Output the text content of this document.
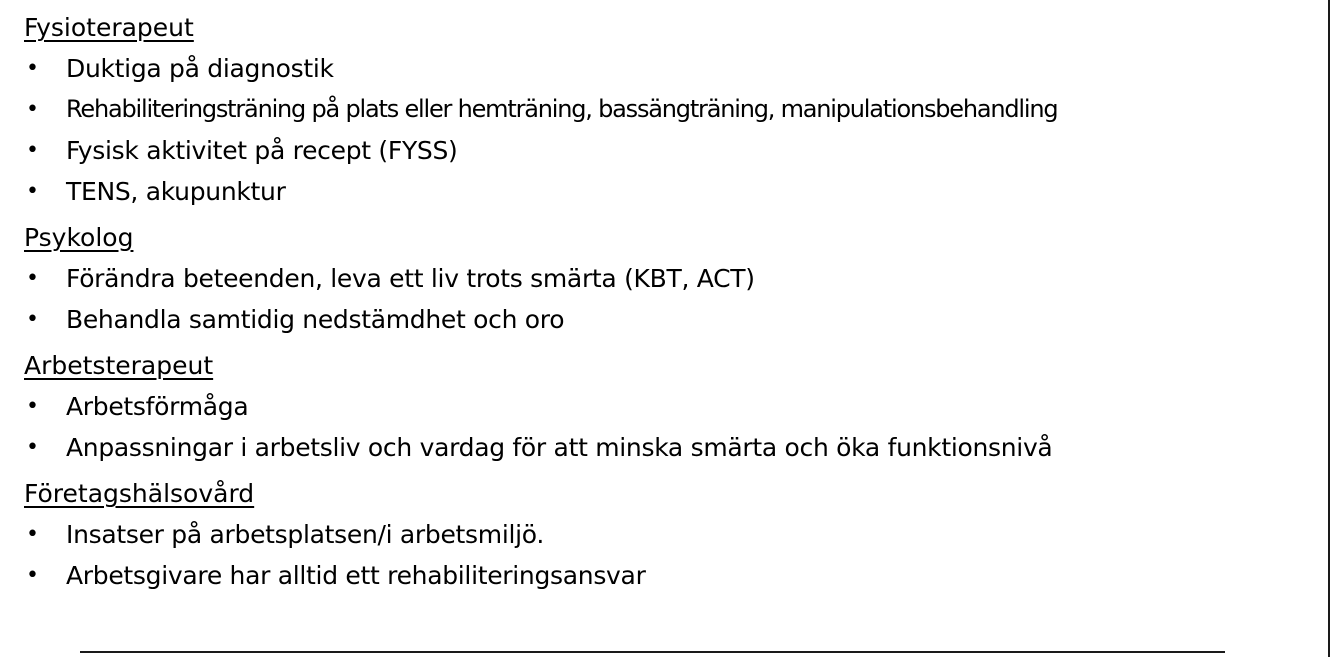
Fysioterapeut
• Duktiga på diagnostik
•	Rehabiliteringsträning på plats eller hemträning, bassängträning, manipulationsbehandling
• Fysisk aktivitet på recept (FYSS)
• TENS, akupunktur
Psykolog
• Förändra beteenden, leva ett liv trots smärta (KBT, ACT)
• Behandla samtidig nedstämdhet och oro
Arbetsterapeut
• Arbetsförmåga
• Anpassningar i arbetsliv och vardag för att minska smärta och öka funktionsnivå
Företagshälsovård
• Insatser på arbetsplatsen/i arbetsmiljö.
• Arbetsgivare har alltid ett rehabiliteringsansvar
